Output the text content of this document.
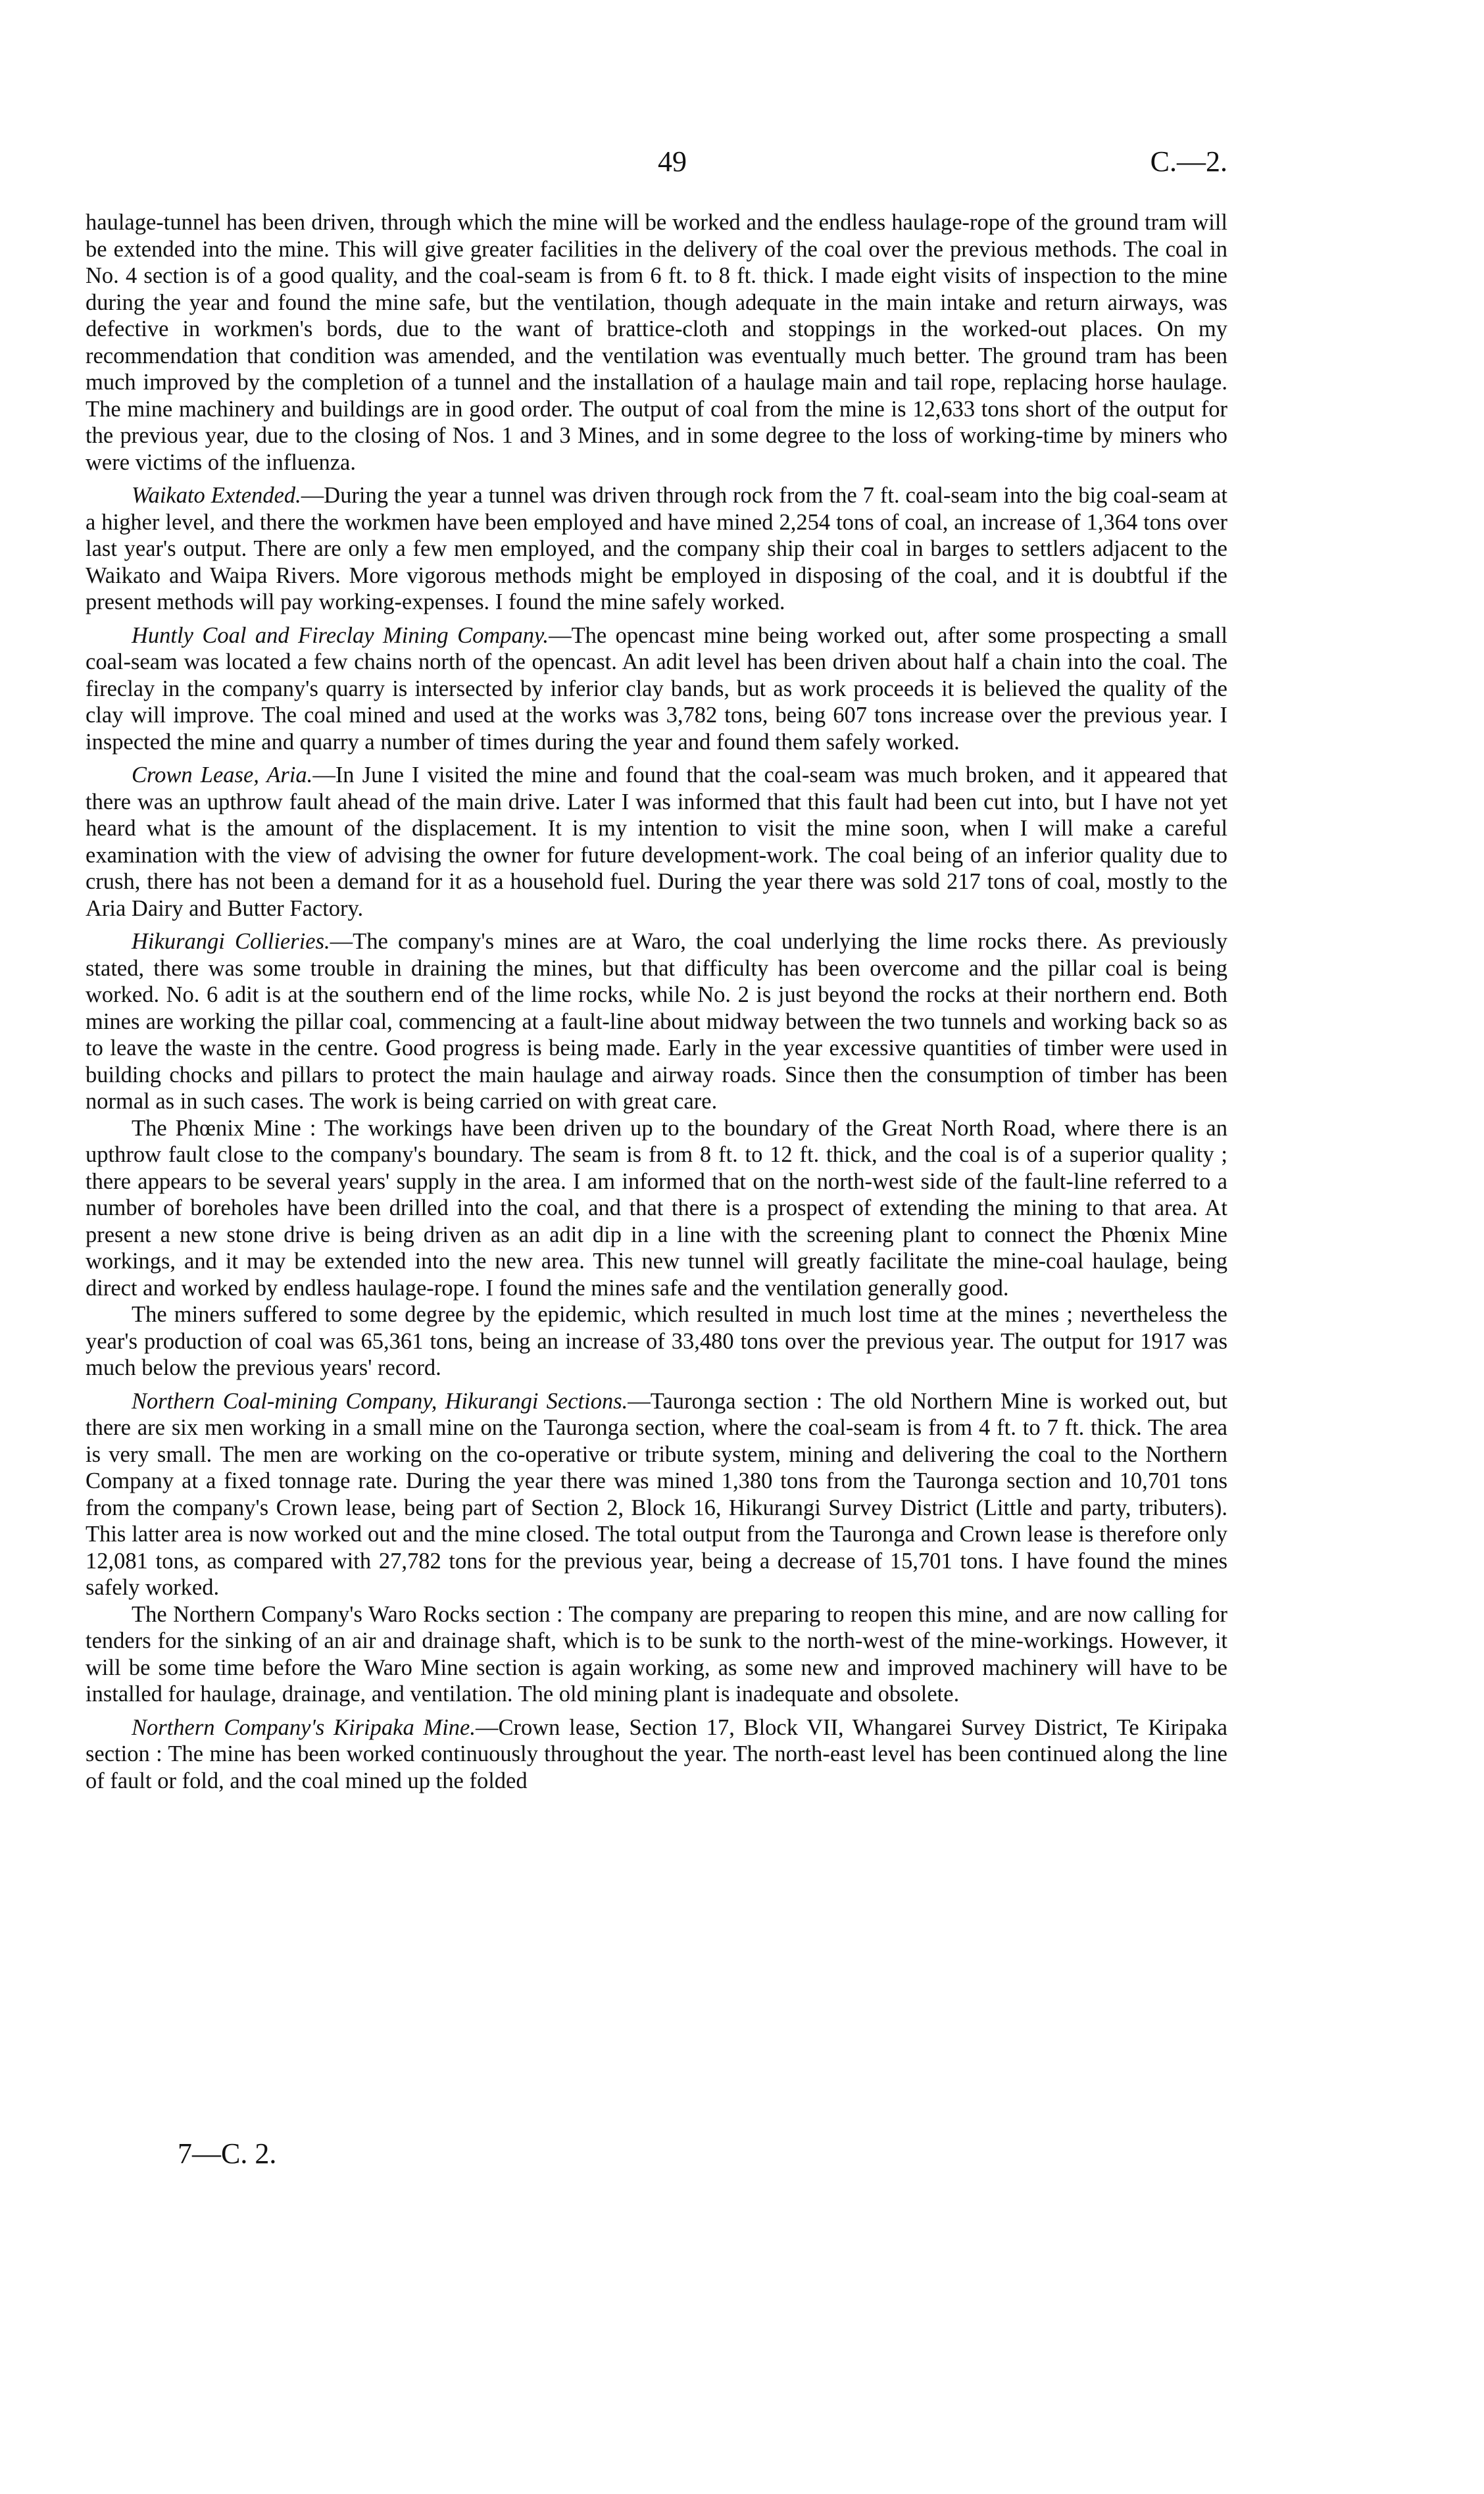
49	C.—2.

haulage-tunnel has been driven, through which the mine will be worked and the endless haulage-rope of the ground tram will be extended into the mine. This will give greater facilities in the delivery of the coal over the previous methods. The coal in No. 4 section is of a good quality, and the coal-seam is from 6 ft. to 8 ft. thick. I made eight visits of inspection to the mine during the year and found the mine safe, but the ventilation, though adequate in the main intake and return airways, was defective in workmen's bords, due to the want of brattice-cloth and stoppings in the worked-out places. On my recommendation that condition was amended, and the ventilation was eventually much better. The ground tram has been much improved by the completion of a tunnel and the installation of a haulage main and tail rope, replacing horse haulage. The mine machinery and buildings are in good order. The output of coal from the mine is 12,633 tons short of the output for the previous year, due to the closing of Nos. 1 and 3 Mines, and in some degree to the loss of working-time by miners who were victims of the influenza.

Waikato Extended.—During the year a tunnel was driven through rock from the 7 ft. coal-seam into the big coal-seam at a higher level, and there the workmen have been employed and have mined 2,254 tons of coal, an increase of 1,364 tons over last year's output. There are only a few men employed, and the company ship their coal in barges to settlers adjacent to the Waikato and Waipa Rivers. More vigorous methods might be employed in disposing of the coal, and it is doubtful if the present methods will pay working-expenses. I found the mine safely worked.

Huntly Coal and Fireclay Mining Company.—The opencast mine being worked out, after some prospecting a small coal-seam was located a few chains north of the opencast. An adit level has been driven about half a chain into the coal. The fireclay in the company's quarry is intersected by inferior clay bands, but as work proceeds it is believed the quality of the clay will improve. The coal mined and used at the works was 3,782 tons, being 607 tons increase over the previous year. I inspected the mine and quarry a number of times during the year and found them safely worked.

Crown Lease, Aria.—In June I visited the mine and found that the coal-seam was much broken, and it appeared that there was an upthrow fault ahead of the main drive. Later I was informed that this fault had been cut into, but I have not yet heard what is the amount of the displacement. It is my intention to visit the mine soon, when I will make a careful examination with the view of advising the owner for future development-work. The coal being of an inferior quality due to crush, there has not been a demand for it as a household fuel. During the year there was sold 217 tons of coal, mostly to the Aria Dairy and Butter Factory.

Hikurangi Collieries.—The company's mines are at Waro, the coal underlying the lime rocks there. As previously stated, there was some trouble in draining the mines, but that difficulty has been overcome and the pillar coal is being worked. No. 6 adit is at the southern end of the lime rocks, while No. 2 is just beyond the rocks at their northern end. Both mines are working the pillar coal, commencing at a fault-line about midway between the two tunnels and working back so as to leave the waste in the centre. Good progress is being made. Early in the year excessive quantities of timber were used in building chocks and pillars to protect the main haulage and airway roads. Since then the consumption of timber has been normal as in such cases. The work is being carried on with great care.

The Phœnix Mine : The workings have been driven up to the boundary of the Great North Road, where there is an upthrow fault close to the company's boundary. The seam is from 8 ft. to 12 ft. thick, and the coal is of a superior quality ; there appears to be several years' supply in the area. I am informed that on the north-west side of the fault-line referred to a number of boreholes have been drilled into the coal, and that there is a prospect of extending the mining to that area. At present a new stone drive is being driven as an adit dip in a line with the screening plant to connect the Phœnix Mine workings, and it may be extended into the new area. This new tunnel will greatly facilitate the mine-coal haulage, being direct and worked by endless haulage-rope. I found the mines safe and the ventilation generally good.

The miners suffered to some degree by the epidemic, which resulted in much lost time at the mines ; nevertheless the year's production of coal was 65,361 tons, being an increase of 33,480 tons over the previous year. The output for 1917 was much below the previous years' record.

Northern Coal-mining Company, Hikurangi Sections.—Tauronga section : The old Northern Mine is worked out, but there are six men working in a small mine on the Tauronga section, where the coal-seam is from 4 ft. to 7 ft. thick. The area is very small. The men are working on the co-operative or tribute system, mining and delivering the coal to the Northern Company at a fixed tonnage rate. During the year there was mined 1,380 tons from the Tauronga section and 10,701 tons from the company's Crown lease, being part of Section 2, Block 16, Hikurangi Survey District (Little and party, tributers). This latter area is now worked out and the mine closed. The total output from the Tauronga and Crown lease is therefore only 12,081 tons, as compared with 27,782 tons for the previous year, being a decrease of 15,701 tons. I have found the mines safely worked.

The Northern Company's Waro Rocks section : The company are preparing to reopen this mine, and are now calling for tenders for the sinking of an air and drainage shaft, which is to be sunk to the north-west of the mine-workings. However, it will be some time before the Waro Mine section is again working, as some new and improved machinery will have to be installed for haulage, drainage, and ventilation. The old mining plant is inadequate and obsolete.

Northern Company's Kiripaka Mine.—Crown lease, Section 17, Block VII, Whangarei Survey District, Te Kiripaka section : The mine has been worked continuously throughout the year. The north-east level has been continued along the line of fault or fold, and the coal mined up the folded

7—C. 2.
